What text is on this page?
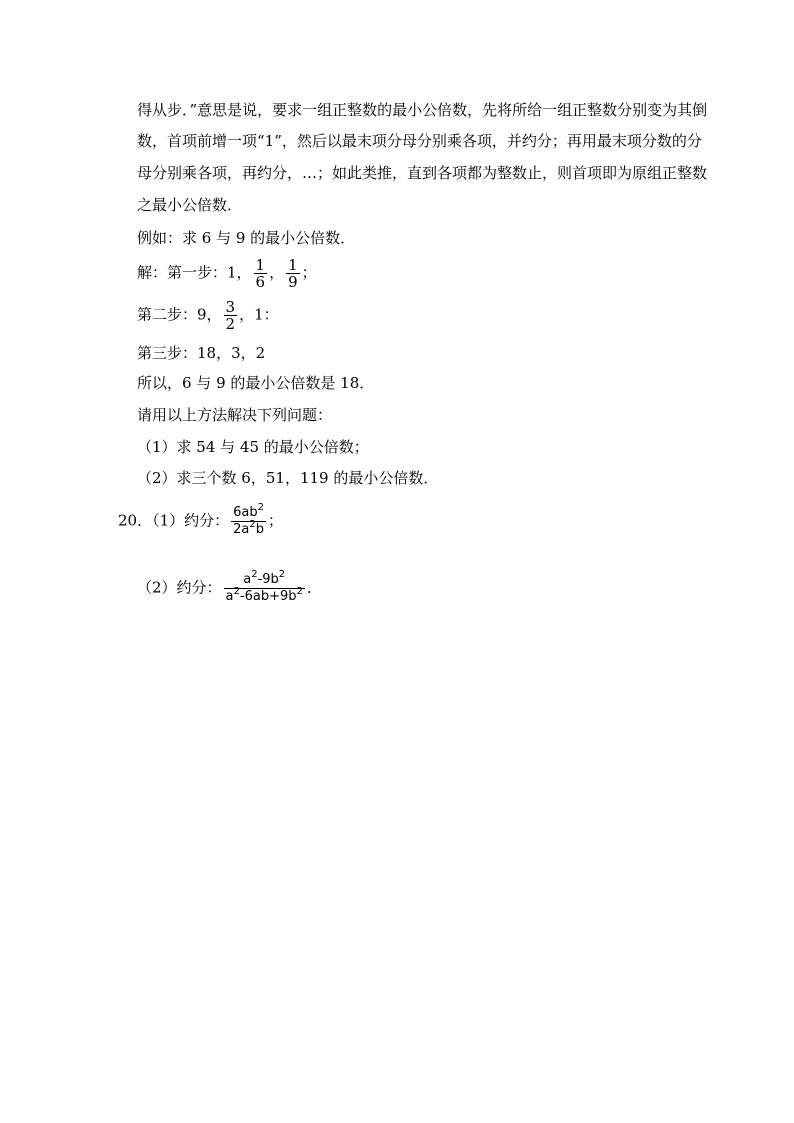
得从步．”意思是说，要求一组正整数的最小公倍数，先将所给一组正整数分别变为其倒
数，首项前增一项“1”，然后以最末项分母分别乘各项，并约分；再用最末项分数的分
母分别乘各项，再约分，…；如此类推，直到各项都为整数止，则首项即为原组正整数
之最小公倍数．
例如：求 6 与 9 的最小公倍数．
解：第一步：1， $\frac{1}{6}$ ， $\frac{1}{9}$ ；
第二步：9， $\frac{3}{2}$ ，1：
第三步：18，3，2
所以，6 与 9 的最小公倍数是 18．
请用以上方法解决下列问题：
（1）求 54 与 45 的最小公倍数；
（2）求三个数 6，51，119 的最小公倍数．
20．（1）约分： $\frac{6ab^2}{2a^2b}$ ；
（2）约分： $\frac{a^2-9b^2}{a^2-6ab+9b^2}$ ．
